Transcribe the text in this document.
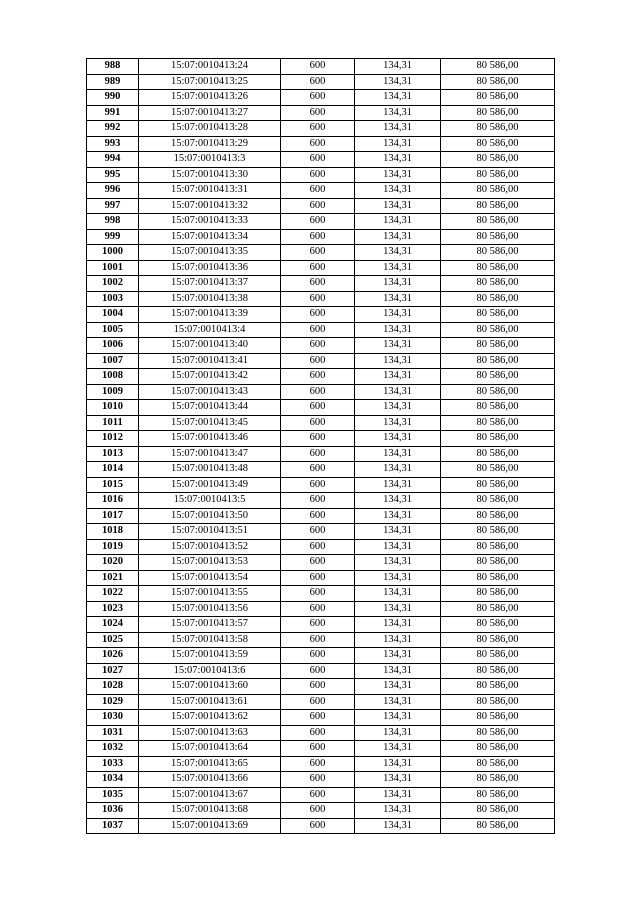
988	15:07:0010413:24	600	134,31	80 586,00
989	15:07:0010413:25	600	134,31	80 586,00
990	15:07:0010413:26	600	134,31	80 586,00
991	15:07:0010413:27	600	134,31	80 586,00
992	15:07:0010413:28	600	134,31	80 586,00
993	15:07:0010413:29	600	134,31	80 586,00
994	15:07:0010413:3	600	134,31	80 586,00
995	15:07:0010413:30	600	134,31	80 586,00
996	15:07:0010413:31	600	134,31	80 586,00
997	15:07:0010413:32	600	134,31	80 586,00
998	15:07:0010413:33	600	134,31	80 586,00
999	15:07:0010413:34	600	134,31	80 586,00
1000	15:07:0010413:35	600	134,31	80 586,00
1001	15:07:0010413:36	600	134,31	80 586,00
1002	15:07:0010413:37	600	134,31	80 586,00
1003	15:07:0010413:38	600	134,31	80 586,00
1004	15:07:0010413:39	600	134,31	80 586,00
1005	15:07:0010413:4	600	134,31	80 586,00
1006	15:07:0010413:40	600	134,31	80 586,00
1007	15:07:0010413:41	600	134,31	80 586,00
1008	15:07:0010413:42	600	134,31	80 586,00
1009	15:07:0010413:43	600	134,31	80 586,00
1010	15:07:0010413:44	600	134,31	80 586,00
1011	15:07:0010413:45	600	134,31	80 586,00
1012	15:07:0010413:46	600	134,31	80 586,00
1013	15:07:0010413:47	600	134,31	80 586,00
1014	15:07:0010413:48	600	134,31	80 586,00
1015	15:07:0010413:49	600	134,31	80 586,00
1016	15:07:0010413:5	600	134,31	80 586,00
1017	15:07:0010413:50	600	134,31	80 586,00
1018	15:07:0010413:51	600	134,31	80 586,00
1019	15:07:0010413:52	600	134,31	80 586,00
1020	15:07:0010413:53	600	134,31	80 586,00
1021	15:07:0010413:54	600	134,31	80 586,00
1022	15:07:0010413:55	600	134,31	80 586,00
1023	15:07:0010413:56	600	134,31	80 586,00
1024	15:07:0010413:57	600	134,31	80 586,00
1025	15:07:0010413:58	600	134,31	80 586,00
1026	15:07:0010413:59	600	134,31	80 586,00
1027	15:07:0010413:6	600	134,31	80 586,00
1028	15:07:0010413:60	600	134,31	80 586,00
1029	15:07:0010413:61	600	134,31	80 586,00
1030	15:07:0010413:62	600	134,31	80 586,00
1031	15:07:0010413:63	600	134,31	80 586,00
1032	15:07:0010413:64	600	134,31	80 586,00
1033	15:07:0010413:65	600	134,31	80 586,00
1034	15:07:0010413:66	600	134,31	80 586,00
1035	15:07:0010413:67	600	134,31	80 586,00
1036	15:07:0010413:68	600	134,31	80 586,00
1037	15:07:0010413:69	600	134,31	80 586,00
